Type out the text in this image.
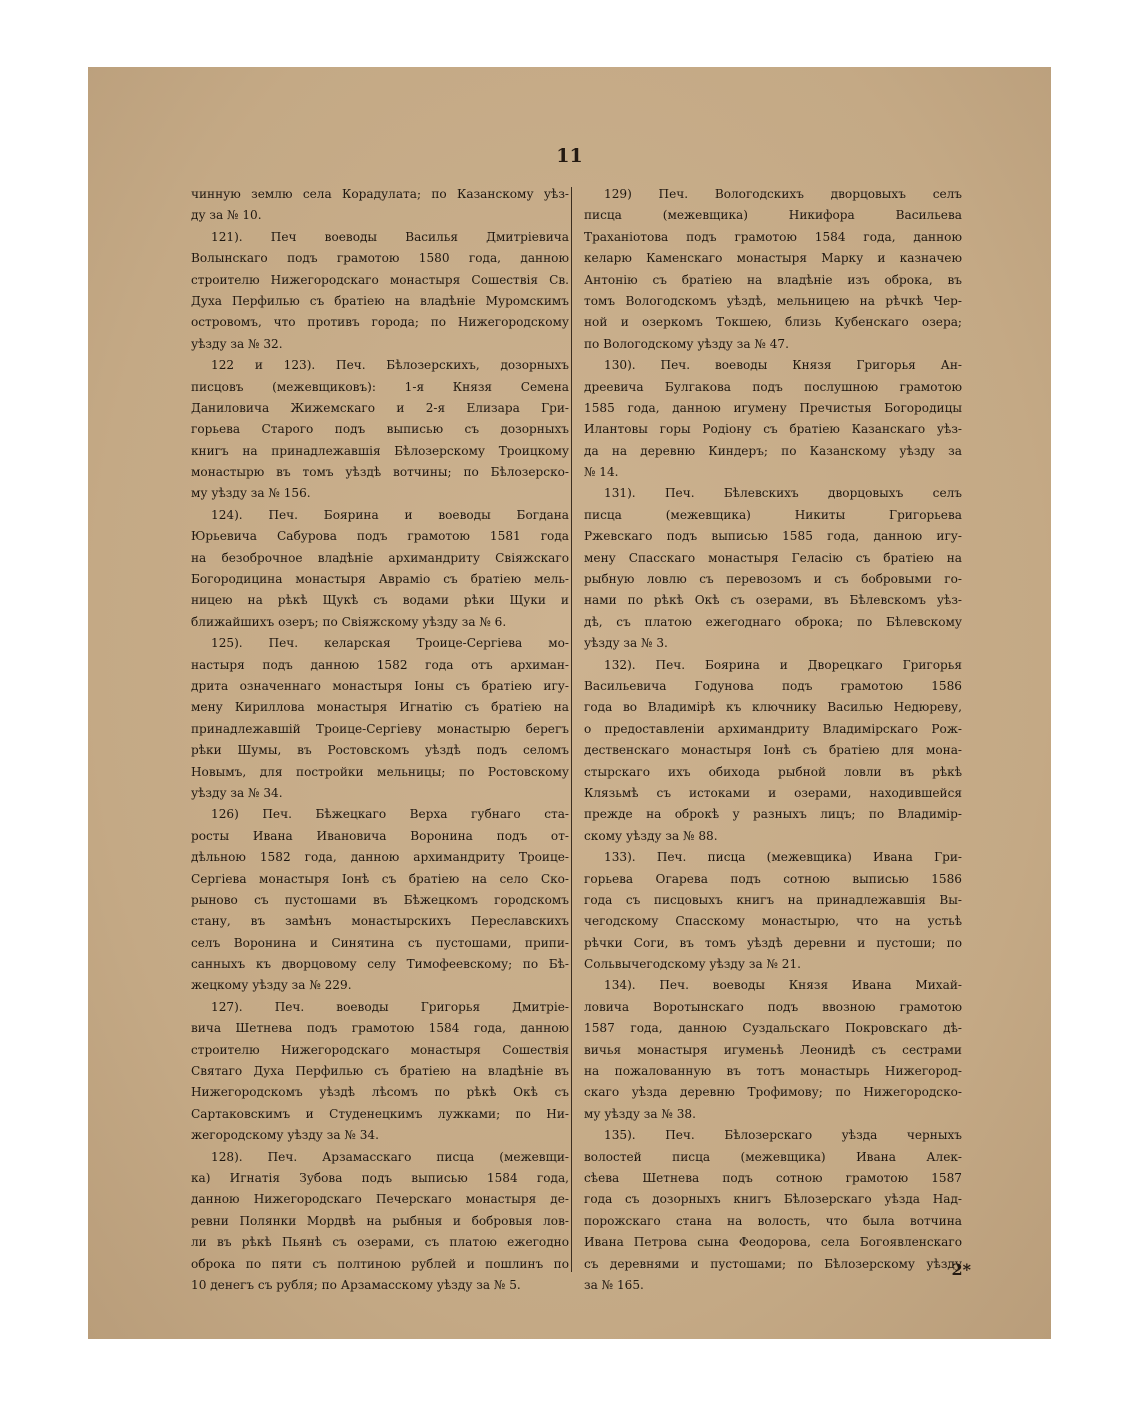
11
чинную землю села Корадулата; по Казанскому уѣз-
ду за № 10.
121). Печ воеводы Василья Дмитріевича
Волынскаго подъ грамотою 1580 года, данною
строителю Нижегородскаго монастыря Сошествія Св.
Духа Перфилью съ братіею на владѣніе Муромскимъ
островомъ, что противъ города; по Нижегородскому
уѣзду за № 32.
122 и 123). Печ. Бѣлозерскихъ, дозорныхъ
писцовъ (межевщиковъ): 1-я Князя Семена
Даниловича Жижемскаго и 2-я Елизара Гри-
горьева Старого подъ выписью съ дозорныхъ
книгъ на принадлежавшія Бѣлозерскому Троицкому
монастырю въ томъ уѣздѣ вотчины; по Бѣлозерско-
му уѣзду за № 156.
124). Печ. Боярина и воеводы Богдана
Юрьевича Сабурова подъ грамотою 1581 года
на безоброчное владѣніе архимандриту Свіяжскаго
Богородицина монастыря Авраміо съ братіею мель-
ницею на рѣкѣ Щукѣ съ водами рѣки Щуки и
ближайшихъ озеръ; по Свіяжскому уѣзду за № 6.
125). Печ. келарская Троице-Сергіева мо-
настыря подъ данною 1582 года отъ архиман-
дрита означеннаго монастыря Іоны съ братіею игу-
мену Кириллова монастыря Игнатію съ братіею на
принадлежавшій Троице-Сергіеву монастырю берегъ
рѣки Шумы, въ Ростовскомъ уѣздѣ подъ селомъ
Новымъ, для постройки мельницы; по Ростовскому
уѣзду за № 34.
126) Печ. Бѣжецкаго Верха губнаго ста-
росты Ивана Ивановича Воронина подъ от-
дѣльною 1582 года, данною архимандриту Троице-
Сергіева монастыря Іонѣ съ братіею на село Ско-
рыново съ пустошами въ Бѣжецкомъ городскомъ
стану, въ замѣнъ монастырскихъ Переславскихъ
селъ Воронина и Синятина съ пустошами, припи-
санныхъ къ дворцовому селу Тимофеевскому; по Бѣ-
жецкому уѣзду за № 229.
127). Печ. воеводы Григорья Дмитріе-
вича Шетнева подъ грамотою 1584 года, данною
строителю Нижегородскаго монастыря Сошествія
Святаго Духа Перфилью съ братіею на владѣніе въ
Нижегородскомъ уѣздѣ лѣсомъ по рѣкѣ Окѣ съ
Сартаковскимъ и Студенецкимъ лужками; по Ни-
жегородскому уѣзду за № 34.
128). Печ. Арзамасскаго писца (межевщи-
ка) Игнатія Зубова подъ выписью 1584 года,
данною Нижегородскаго Печерскаго монастыря де-
ревни Полянки Мордвѣ на рыбныя и бобровыя лов-
ли въ рѣкѣ Пьянѣ съ озерами, съ платою ежегодно
оброка по пяти съ полтиною рублей и пошлинъ по
10 денегъ съ рубля; по Арзамасскому уѣзду за № 5.
129) Печ. Вологодскихъ дворцовыхъ селъ
писца (межевщика) Никифора Васильева
Траханіотова подъ грамотою 1584 года, данною
келарю Каменскаго монастыря Марку и казначею
Антонію съ братіею на владѣніе изъ оброка, въ
томъ Вологодскомъ уѣздѣ, мельницею на рѣчкѣ Чер-
ной и озеркомъ Токшею, близь Кубенскаго озера;
по Вологодскому уѣзду за № 47.
130). Печ. воеводы Князя Григорья Ан-
дреевича Булгакова подъ послушною грамотою
1585 года, данною игумену Пречистыя Богородицы
Илантовы горы Родіону съ братіею Казанскаго уѣз-
да на деревню Киндеръ; по Казанскому уѣзду за
№ 14.
131). Печ. Бѣлевскихъ дворцовыхъ селъ
писца (межевщика) Никиты Григорьева
Ржевскаго подъ выписью 1585 года, данною игу-
мену Спасскаго монастыря Геласію съ братіею на
рыбную ловлю съ перевозомъ и съ бобровыми го-
нами по рѣкѣ Окѣ съ озерами, въ Бѣлевскомъ уѣз-
дѣ, съ платою ежегоднаго оброка; по Бѣлевскому
уѣзду за № 3.
132). Печ. Боярина и Дворецкаго Григорья
Васильевича Годунова подъ грамотою 1586
года во Владимірѣ къ ключнику Василью Недюреву,
о предоставленіи архимандриту Владимірскаго Рож-
дественскаго монастыря Іонѣ съ братіею для мона-
стырскаго ихъ обихода рыбной ловли въ рѣкѣ
Клязьмѣ съ истоками и озерами, находившейся
прежде на оброкѣ у разныхъ лицъ; по Владимір-
скому уѣзду за № 88.
133). Печ. писца (межевщика) Ивана Гри-
горьева Огарева подъ сотною выписью 1586
года съ писцовыхъ книгъ на принадлежавшія Вы-
чегодскому Спасскому монастырю, что на устьѣ
рѣчки Соги, въ томъ уѣздѣ деревни и пустоши; по
Сольвычегодскому уѣзду за № 21.
134). Печ. воеводы Князя Ивана Михай-
ловича Воротынскаго подъ ввозною грамотою
1587 года, данною Суздальскаго Покровскаго дѣ-
вичья монастыря игуменьѣ Леонидѣ съ сестрами
на пожалованную въ тотъ монастырь Нижегород-
скаго уѣзда деревню Трофимову; по Нижегородско-
му уѣзду за № 38.
135). Печ. Бѣлозерскаго уѣзда черныхъ
волостей писца (межевщика) Ивана Алек-
сѣева Шетнева подъ сотною грамотою 1587
года съ дозорныхъ книгъ Бѣлозерскаго уѣзда Над-
порожскаго стана на волость, что была вотчина
Ивана Петрова сына Феодорова, села Богоявленскаго
съ деревнями и пустошами; по Бѣлозерскому уѣзду
за № 165.
2*
